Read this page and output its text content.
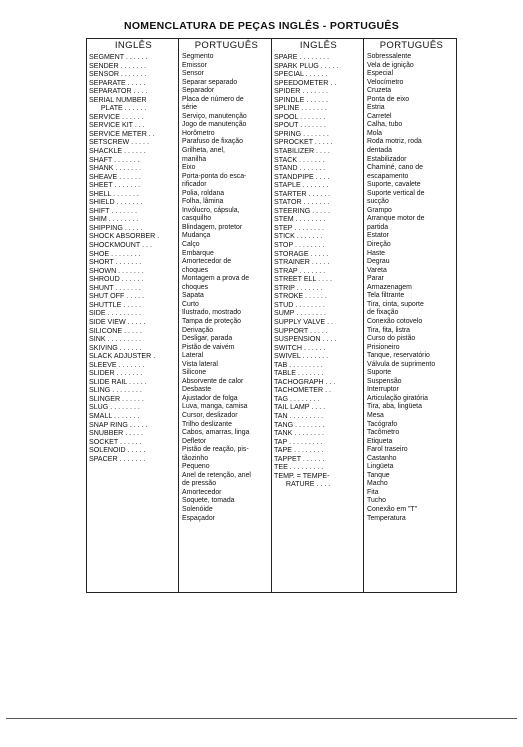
NOMENCLATURA DE PEÇAS INGLÊS - PORTUGUÊS
INGLÊS
SEGMENT . . . . . .
SENDER . . . . . . .
SENSOR . . . . . . .
SEPARATE . . . . .
SEPARATOR . . . .
SERIAL NUMBER
PLATE . . . . . .
SERVICE . . . . . .
SERVICE KIT . . .
SERVICE METER . .
SETSCREW . . . . .
SHACKLE . . . . . .
SHAFT . . . . . . .
SHANK . . . . . . .
SHEAVE . . . . . .
SHEET . . . . . . .
SHELL . . . . . . .
SHIELD . . . . . . .
SHIFT . . . . . . .
SHIM . . . . . . . .
SHIPPING . . . . .
SHOCK ABSORBER .
SHOCKMOUNT . . .
SHOE . . . . . . . .
SHORT . . . . . . .
SHOWN . . . . . . .
SHROUD . . . . . .
SHUNT . . . . . . .
SHUT OFF . . . . .
SHUTTLE . . . . .
SIDE . . . . . . . . .
SIDE VIEW . . . . .
SILICONE . . . . .
SINK . . . . . . . . .
SKIVING . . . . . .
SLACK ADJUSTER .
SLEEVE . . . . . . .
SLIDER . . . . . . .
SLIDE RAIL . . . . .
SLING . . . . . . . .
SLINGER . . . . . .
SLUG . . . . . . . .
SMALL . . . . . . .
SNAP RING . . . . .
SNUBBER . . . . .
SOCKET . . . . . .
SOLENOID . . . . .
SPACER . . . . . . .
PORTUGUÊS
Segmento
Emissor
Sensor
Separar separado
Separador
Placa de número de
série
Serviço, manutenção
Jogo de manutenção
Horômetro
Parafuso de fixação
Grilheta, anel,
manilha
Eixo
Porta-ponta do esca-
rificador
Polia, roldana
Folha, lâmina
Invólucro, cápsula,
casquilho
Blindagem, protetor
Mudança
Calço
Embarque
Amortecedor de
choques
Montagem a prova de
choques
Sapata
Curto
Ilustrado, mostrado
Tampa de proteção
Derivação
Desligar, parada
Pistão de vaivém
Lateral
Vista lateral
Silicone
Absorvente de calor
Desbaste
Ajustador de folga
Luva, manga, camisa
Cursor, deslizador
Trilho deslizante
Cabos, amarras, linga
Defletor
Pistão de reação, pis-
tãozinho
Pequeno
Anel de retenção, anel
de pressão
Amortecedor
Soquete, tomada
Solenóide
Espaçador
INGLÊS
SPARE . . . . . . . .
SPARK PLUG . . . . .
SPECIAL . . . . . .
SPEEDOMETER . .
SPIDER . . . . . . .
SPINDLE . . . . . .
SPLINE . . . . . . .
SPOOL . . . . . . .
SPOUT . . . . . . .
SPRING . . . . . . .
SPROCKET . . . . .
STABILIZER . . . .
STACK . . . . . . .
STAND . . . . . . .
STANDPIPE . . . .
STAPLE . . . . . . .
STARTER . . . . . .
STATOR . . . . . . .
STEERING . . . . .
STEM . . . . . . . .
STEP . . . . . . . .
STICK . . . . . . .
STOP . . . . . . . .
STORAGE . . . . .
STRAINER . . . . .
STRAP . . . . . . .
STREET ELL . . . .
STRIP . . . . . . .
STROKE . . . . . .
STUD . . . . . . . .
SUMP . . . . . . . .
SUPPLY VALVE . .
SUPPORT . . . . .
SUSPENSION . . . .
SWITCH . . . . . .
SWIVEL . . . . . . .
TAB . . . . . . . . .
TABLE . . . . . . .
TACHOGRAPH . . .
TACHOMETER . .
TAG . . . . . . . .
TAIL LAMP . . . .
TAN . . . . . . . . .
TANG . . . . . . . .
TANK . . . . . . . .
TAP . . . . . . . . .
TAPE . . . . . . . .
TAPPET . . . . . .
TEE . . . . . . . . .
TEMP. = TEMPE-
RATURE . . . .
PORTUGUÊS
Sobressalente
Vela de ignição
Especial
Velocímetro
Cruzeta
Ponta de eixo
Estria
Carretel
Calha, tubo
Mola
Roda motriz, roda
dentada
Estabilizador
Chaminé, cano de
escapamento
Suporte, cavalete
Suporte vertical de
sucção
Grampo
Arranque motor de
partida
Estator
Direção
Haste
Degrau
Vareta
Parar
Armazenagem
Tela filtrante
Tira, cinta, suporte
de fixação
Conexão cotovelo
Tira, fita, listra
Curso do pistão
Prisioneiro
Tanque, reservatório
Válvula de suprimento
Suporte
Suspensão
Interruptor
Articulação giratória
Tira, aba, lingüeta
Mesa
Tacógrafo
Tacômetro
Etiqueta
Farol traseiro
Castanho
Lingüeta
Tanque
Macho
Fita
Tucho
Conexão em "T"
Temperatura
